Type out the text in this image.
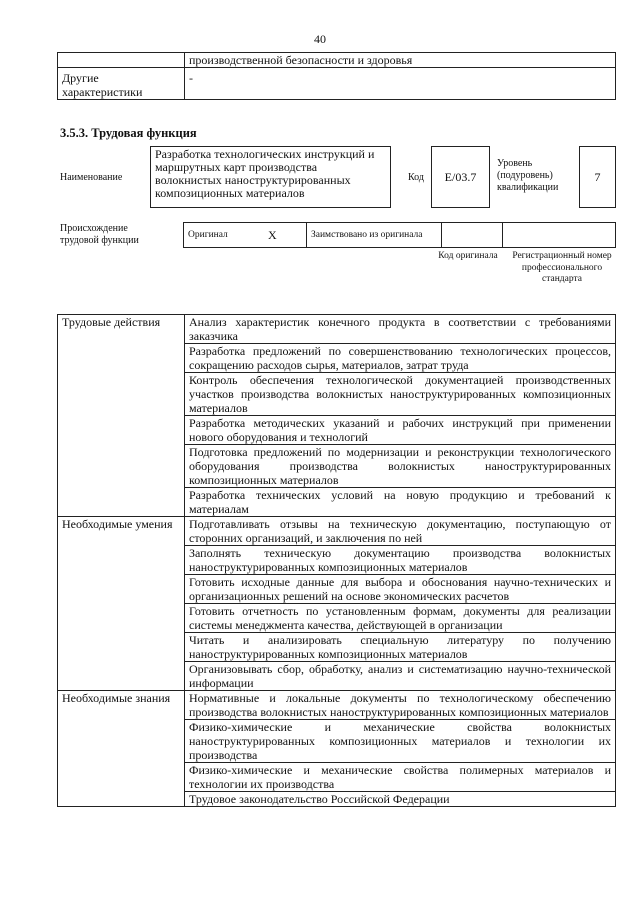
40
	производственной безопасности и здоровья
Другие характеристики	-
3.5.3. Трудовая функция
Наименование
Разработка технологических инструкций и маршрутных карт производства волокнистых наноструктурированных композиционных материалов
Код	E/03.7
Уровень (подуровень) квалификации
7
Происхождение трудовой функции	Оригинал	X	Заимствовано из оригинала		
Код оригинала	Регистрационный номер профессионального стандарта
Трудовые действия	Анализ характеристик конечного продукта в соответствии с требованиями заказчика
	Разработка предложений по совершенствованию технологических процессов, сокращению расходов сырья, материалов, затрат труда
	Контроль обеспечения технологической документацией производственных участков производства волокнистых наноструктурированных композиционных материалов
	Разработка методических указаний и рабочих инструкций при применении нового оборудования и технологий
	Подготовка предложений по модернизации и реконструкции технологического оборудования производства волокнистых наноструктурированных композиционных материалов
	Разработка технических условий на новую продукцию и требований к материалам
Необходимые умения	Подготавливать отзывы на техническую документацию, поступающую от сторонних организаций, и заключения по ней
	Заполнять техническую документацию производства волокнистых наноструктурированных композиционных материалов
	Готовить исходные данные для выбора и обоснования научно-технических и организационных решений на основе экономических расчетов
	Готовить отчетность по установленным формам, документы для реализации системы менеджмента качества, действующей в организации
	Читать и анализировать специальную литературу по получению наноструктурированных композиционных материалов
	Организовывать сбор, обработку, анализ и систематизацию научно-технической информации
Необходимые знания	Нормативные и локальные документы по технологическому обеспечению производства волокнистых наноструктурированных композиционных материалов
	Физико-химические и механические свойства волокнистых наноструктурированных композиционных материалов и технологии их производства
	Физико-химические и механические свойства полимерных материалов и технологии их производства
	Трудовое законодательство Российской Федерации
